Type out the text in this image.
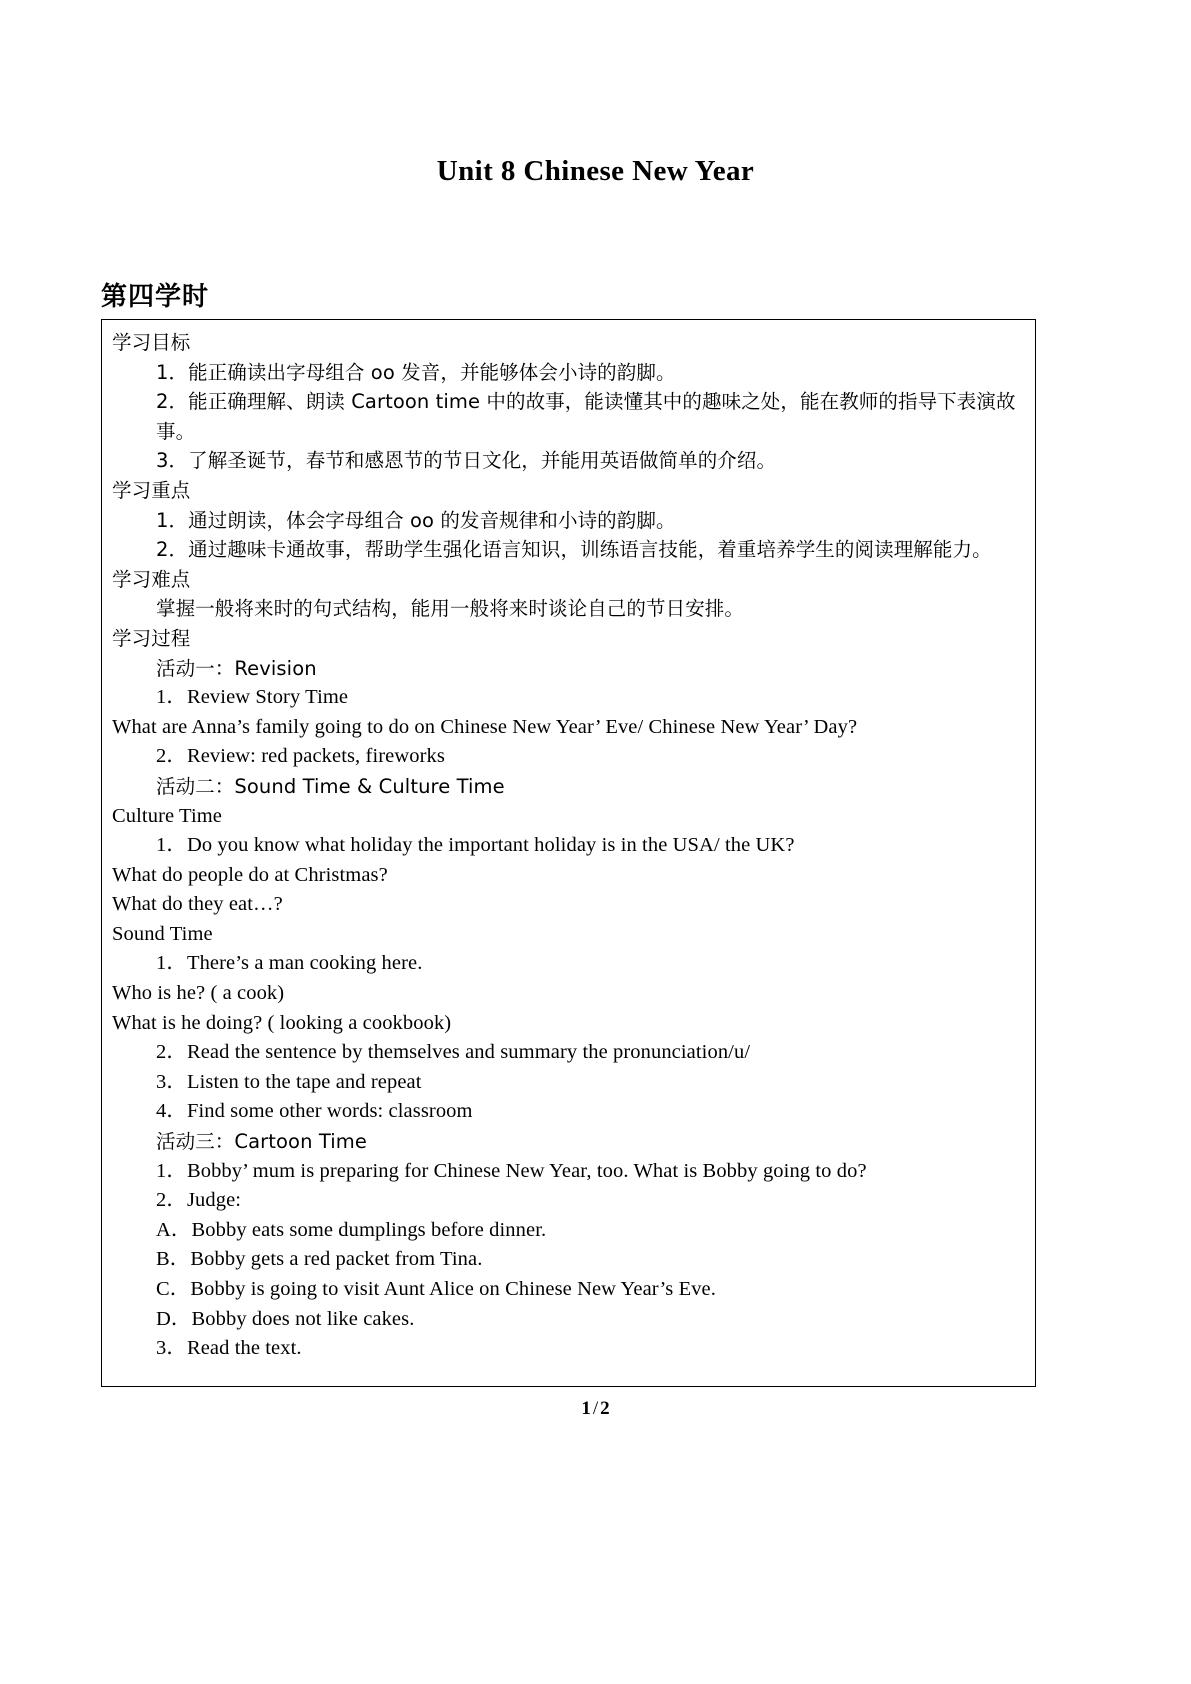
Unit 8 Chinese New Year
第四学时
学习目标
1．能正确读出字母组合 oo 发音，并能够体会小诗的韵脚。
2．能正确理解、朗读 Cartoon time 中的故事，能读懂其中的趣味之处，能在教师的指导下表演故事。
3．了解圣诞节，春节和感恩节的节日文化，并能用英语做简单的介绍。
学习重点
1．通过朗读，体会字母组合 oo 的发音规律和小诗的韵脚。
2．通过趣味卡通故事，帮助学生强化语言知识，训练语言技能，着重培养学生的阅读理解能力。
学习难点
掌握一般将来时的句式结构，能用一般将来时谈论自己的节日安排。
学习过程
活动一：Revision
1．Review Story Time
What are Anna’s family going to do on Chinese New Year’ Eve/ Chinese New Year’ Day?
2．Review: red packets, fireworks
活动二：Sound Time & Culture Time
Culture Time
1．Do you know what holiday the important holiday is in the USA/ the UK?
What do people do at Christmas?
What do they eat…?
Sound Time
1．There’s a man cooking here.
Who is he? ( a cook)
What is he doing? ( looking a cookbook)
2．Read the sentence by themselves and summary the pronunciation/u/
3．Listen to the tape and repeat
4．Find some other words: classroom
活动三：Cartoon Time
1．Bobby’ mum is preparing for Chinese New Year, too. What is Bobby going to do?
2．Judge:
A．Bobby eats some dumplings before dinner.
B．Bobby gets a red packet from Tina.
C．Bobby is going to visit Aunt Alice on Chinese New Year’s Eve.
D．Bobby does not like cakes.
3．Read the text.
1 / 2
